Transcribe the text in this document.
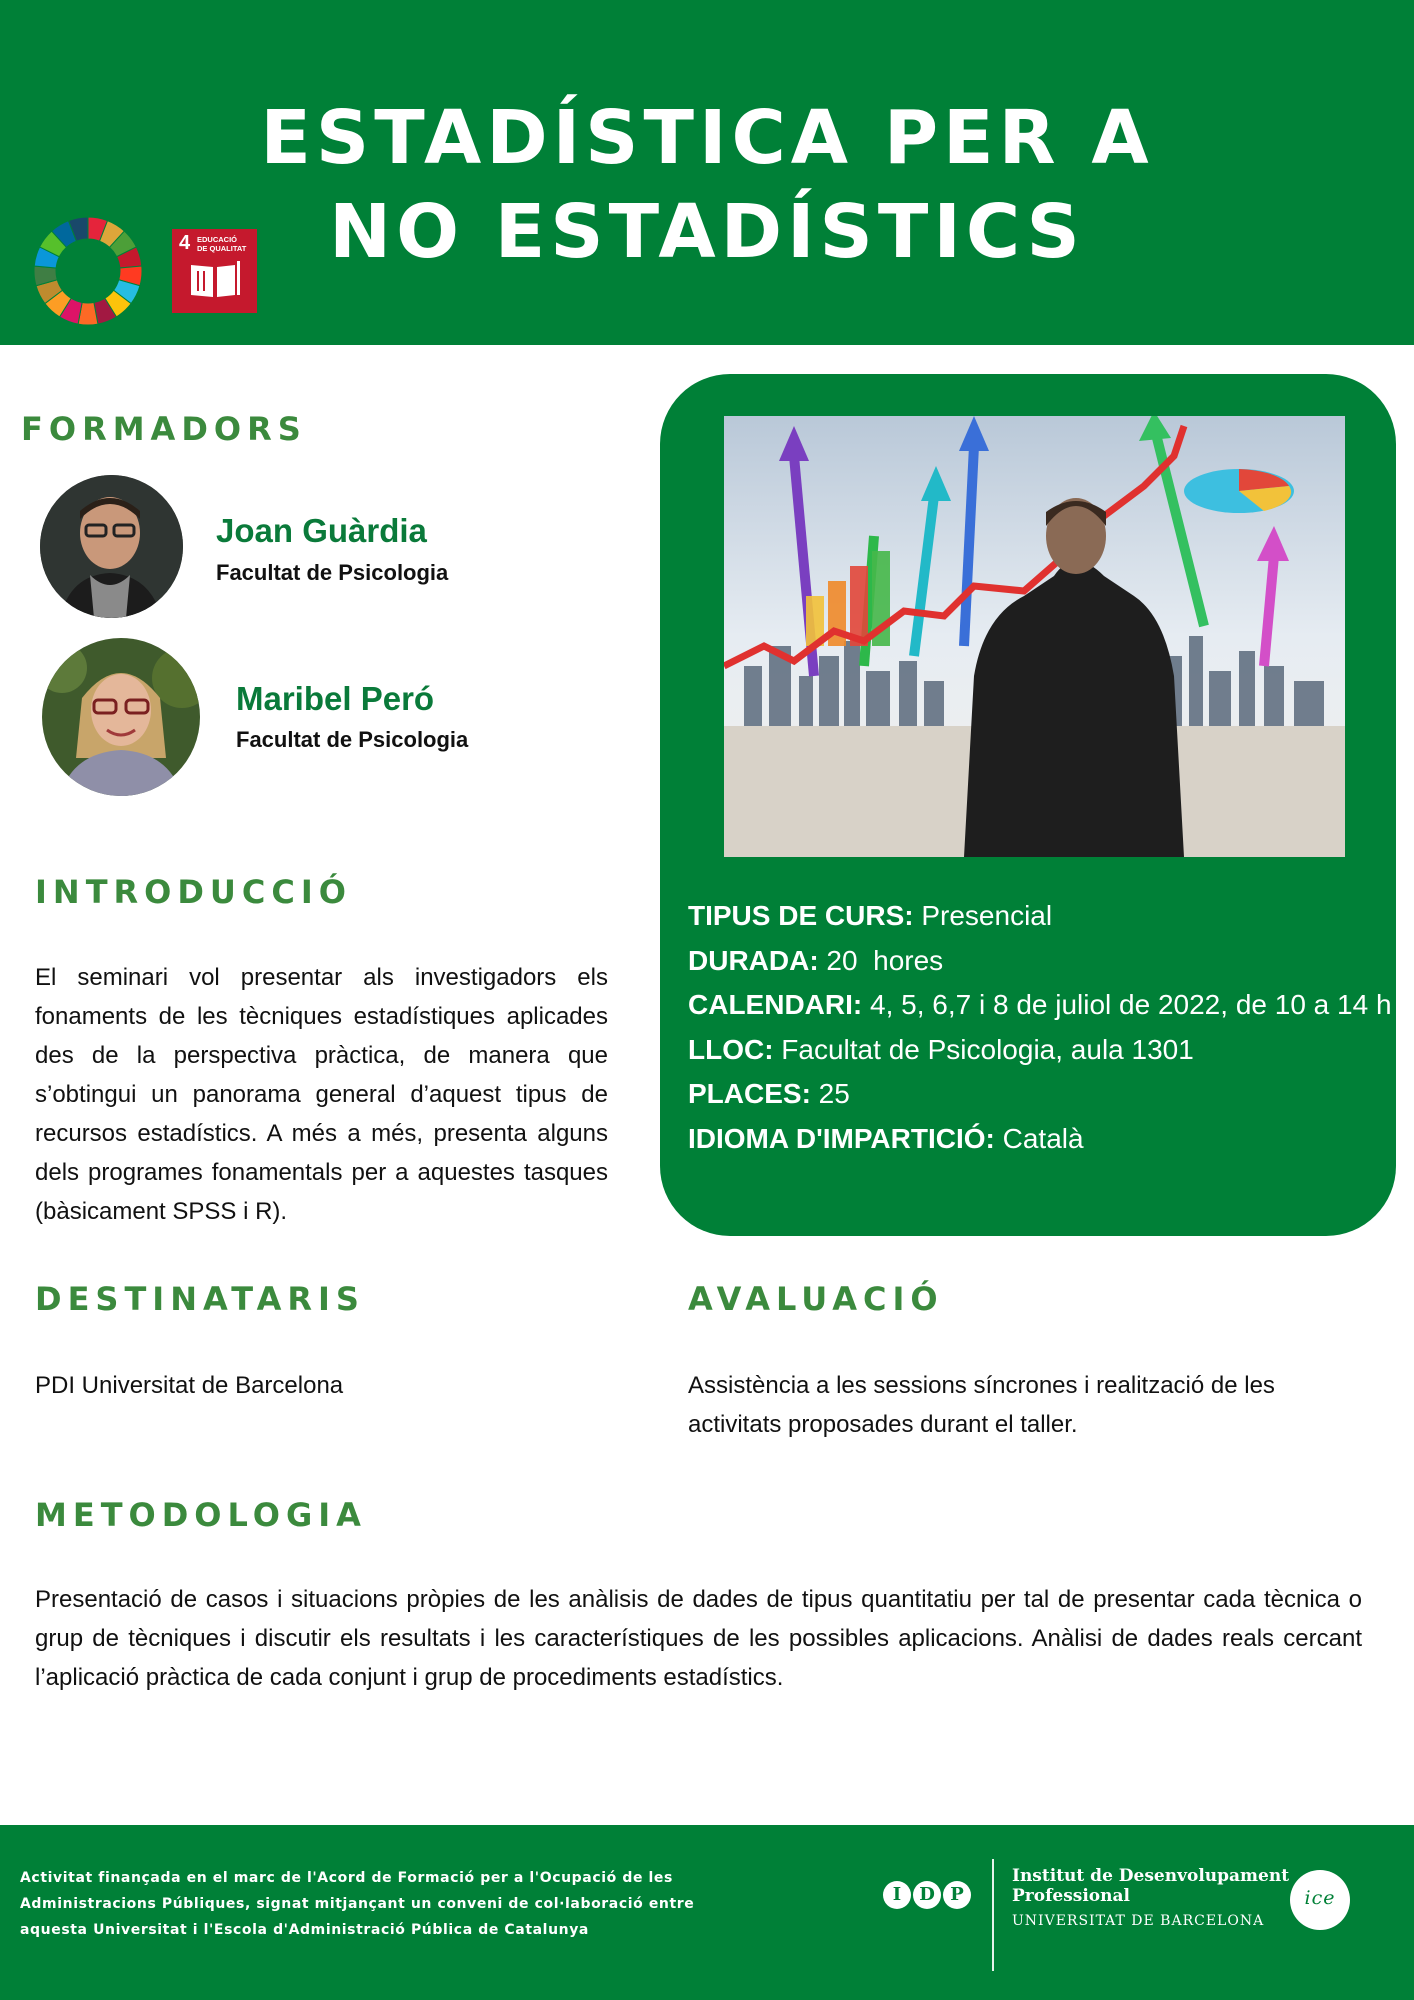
4 EDUCACIÓ
DE QUALITAT
ESTADÍSTICA PER A
NO ESTADÍSTICS
FORMADORS
Joan Guàrdia
Facultat de Psicologia
Maribel Peró
Facultat de Psicologia
INTRODUCCIÓ

El seminari vol presentar als investigadors els fonaments de les tècniques estadístiques aplicades des de la perspectiva pràctica, de manera que s’obtingui un panorama general d’aquest tipus de recursos estadístics. A més a més, presenta alguns dels programes fonamentals per a aquestes tasques (bàsicament SPSS i R).

TIPUS DE CURS: Presencial
DURADA: 20  hores
CALENDARI: 4, 5, 6,7 i 8 de juliol de 2022, de 10 a 14 h
LLOC: Facultat de Psicologia, aula 1301
PLACES: 25
IDIOMA D'IMPARTICIÓ: Català
DESTINATARIS

PDI Universitat de Barcelona

AVALUACIÓ

Assistència a les sessions síncrones i realització de les activitats proposades durant el taller.

METODOLOGIA

Presentació de casos i situacions pròpies de les anàlisis de dades de tipus quantitatiu per tal de presentar cada tècnica o grup de tècniques i discutir els resultats i les característiques de les possibles aplicacions. Anàlisi de dades reals cercant l’aplicació pràctica de cada conjunt i grup de procediments estadístics.

Activitat finançada en el marc de l'Acord de Formació per a l'Ocupació de les Administracions Públiques, signat mitjançant un conveni de col·laboració entre aquesta Universitat i l'Escola d'Administració Pública de Catalunya
I D P
Institut de Desenvolupament
Professional
UNIVERSITAT DE BARCELONA
ice
